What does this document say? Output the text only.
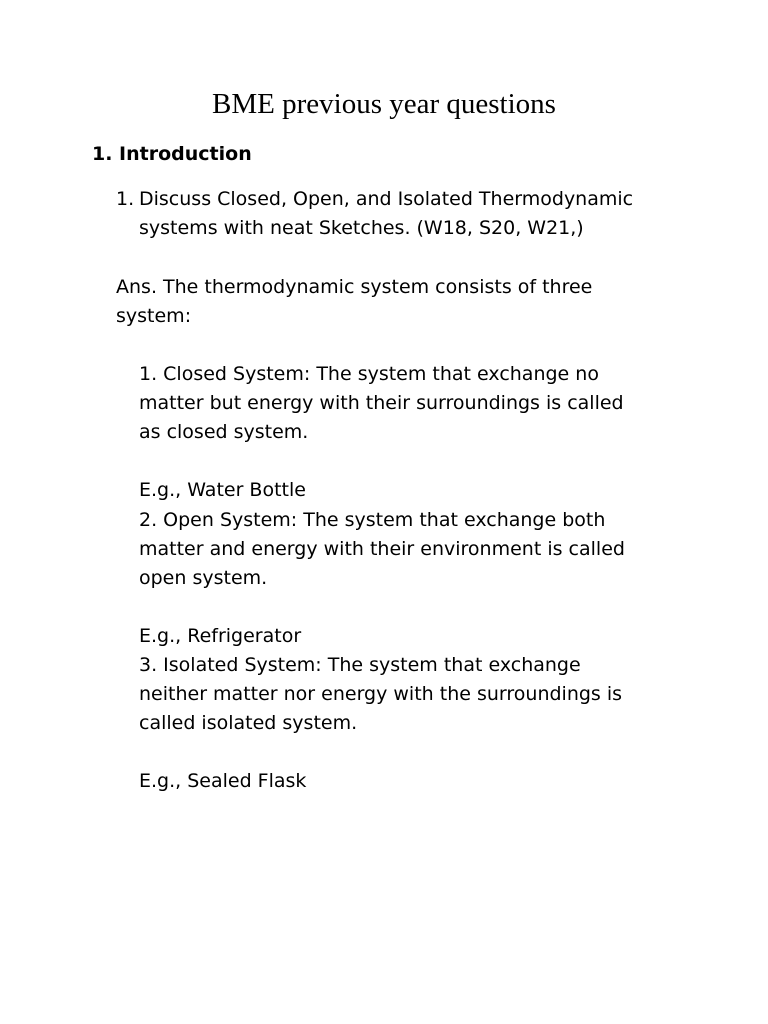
BME previous year questions
1. Introduction
1. Discuss Closed, Open, and Isolated Thermodynamic
systems with neat Sketches. (W18, S20, W21,)
Ans. The thermodynamic system consists of three
system:

1. Closed System: The system that exchange no
matter but energy with their surroundings is called
as closed system.

E.g., Water Bottle

2. Open System: The system that exchange both
matter and energy with their environment is called
open system.

E.g., Refrigerator

3. Isolated System: The system that exchange
neither matter nor energy with the surroundings is
called isolated system.

E.g., Sealed Flask
